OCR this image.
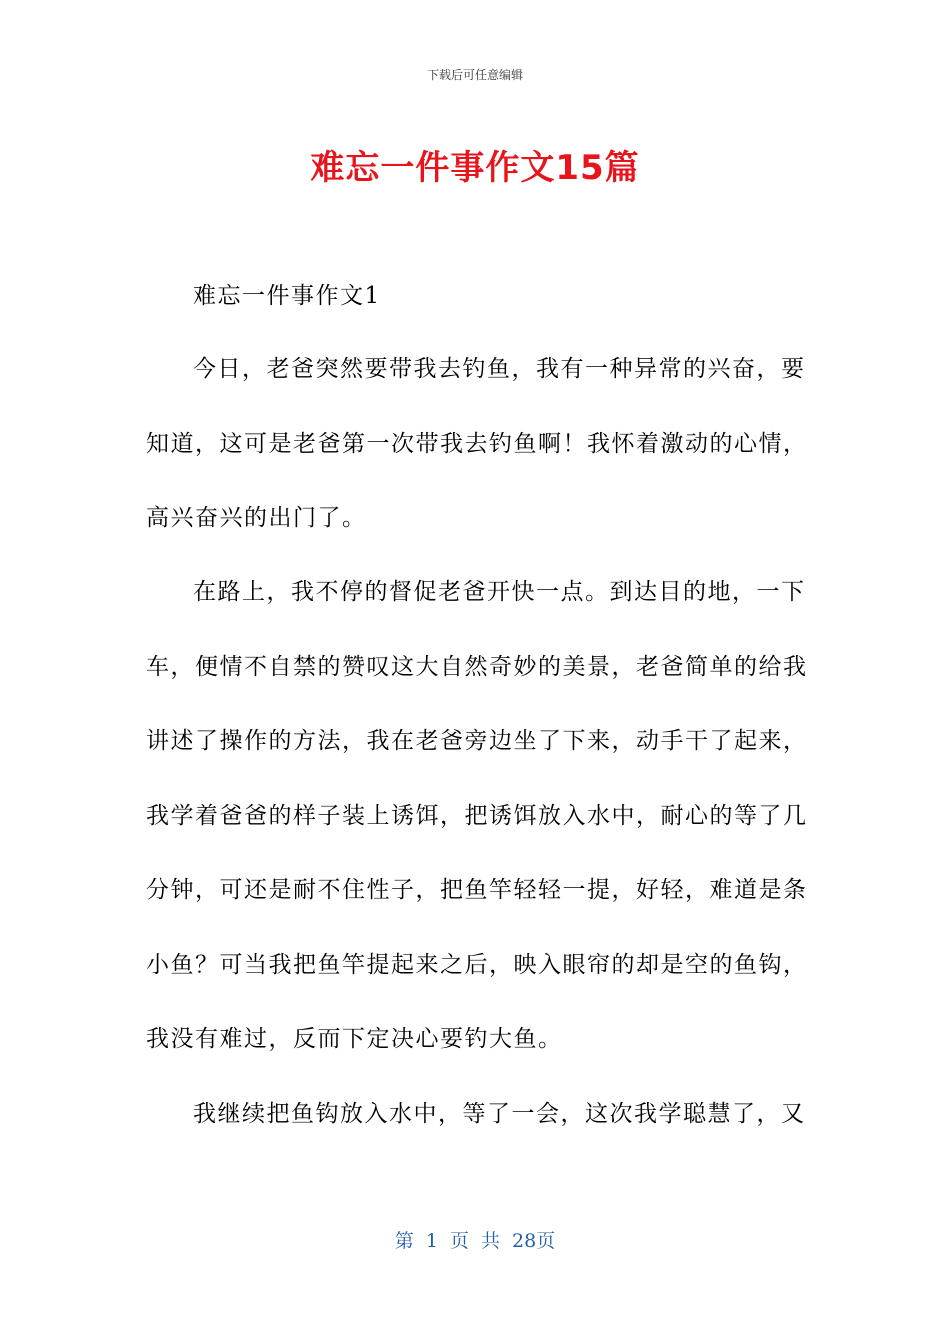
下载后可任意编辑
难忘一件事作文15篇
难忘一件事作文1
今日，老爸突然要带我去钓鱼，我有一种异常的兴奋，要
知道，这可是老爸第一次带我去钓鱼啊！我怀着激动的心情，
高兴奋兴的出门了。
在路上，我不停的督促老爸开快一点。到达目的地，一下
车，便情不自禁的赞叹这大自然奇妙的美景，老爸简单的给我
讲述了操作的方法，我在老爸旁边坐了下来，动手干了起来，
我学着爸爸的样子装上诱饵，把诱饵放入水中，耐心的等了几
分钟，可还是耐不住性子，把鱼竿轻轻一提，好轻，难道是条
小鱼？可当我把鱼竿提起来之后，映入眼帘的却是空的鱼钩，
我没有难过，反而下定决心要钓大鱼。
我继续把鱼钩放入水中，等了一会，这次我学聪慧了，又
第 1 页 共 28页
